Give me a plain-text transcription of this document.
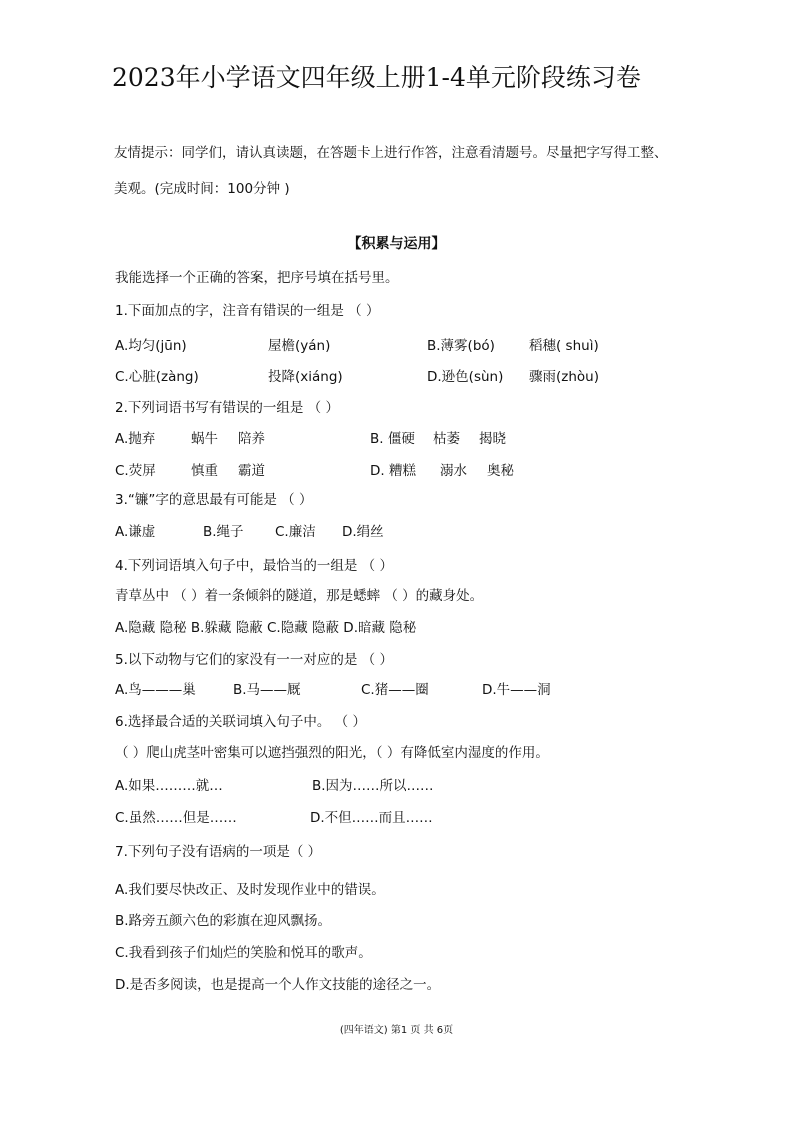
2023年小学语文四年级上册1-4单元阶段练习卷
友情提示：同学们，请认真读题，在答题卡上进行作答，注意看清题号。尽量把字写得工整、
美观。(完成时间：100分钟 )
【积累与运用】
我能选择一个正确的答案，把序号填在括号里。
1.下面加点的字，注音有错误的一组是 （ ）
A.均匀(jūn)	屋檐(yán)	B.薄雾(bó)	稻穗( shuì)
C.心脏(zàng)	投降(xiáng)	D.逊色(sùn) 骤雨(zhòu)
2.下列词语书写有错误的一组是 （ ）
A.抛弃	蜗牛 陪养	B. 僵硬 枯萎 揭晓
C.荧屏	慎重 霸道	D. 糟糕 溺水 奥秘
3.“镰”字的意思最有可能是 （ ）
A.谦虚	B.绳子 C.廉洁 D.绢丝
4.下列词语填入句子中，最恰当的一组是 （ ）
青草丛中 （ ）着一条倾斜的隧道，那是蟋蟀 （ ）的藏身处。
A.隐藏 隐秘 B.躲藏 隐蔽 C.隐藏 隐蔽 D.暗藏 隐秘
5.以下动物与它们的家没有一一对应的是 （ ）
A.鸟———巢	B.马——厩	C.猪——圈	D.牛——洞
6.选择最合适的关联词填入句子中。 （ ）
（ ）爬山虎茎叶密集可以遮挡强烈的阳光，（ ）有降低室内湿度的作用。
A.如果………就…	B.因为……所以……
C.虽然……但是……	D.不但……而且……
7.下列句子没有语病的一项是（ ）
A.我们要尽快改正、及时发现作业中的错误。
B.路旁五颜六色的彩旗在迎风飘扬。
C.我看到孩子们灿烂的笑脸和悦耳的歌声。
D.是否多阅读，也是提高一个人作文技能的途径之一。
(四年语文) 第1 页 共 6页
